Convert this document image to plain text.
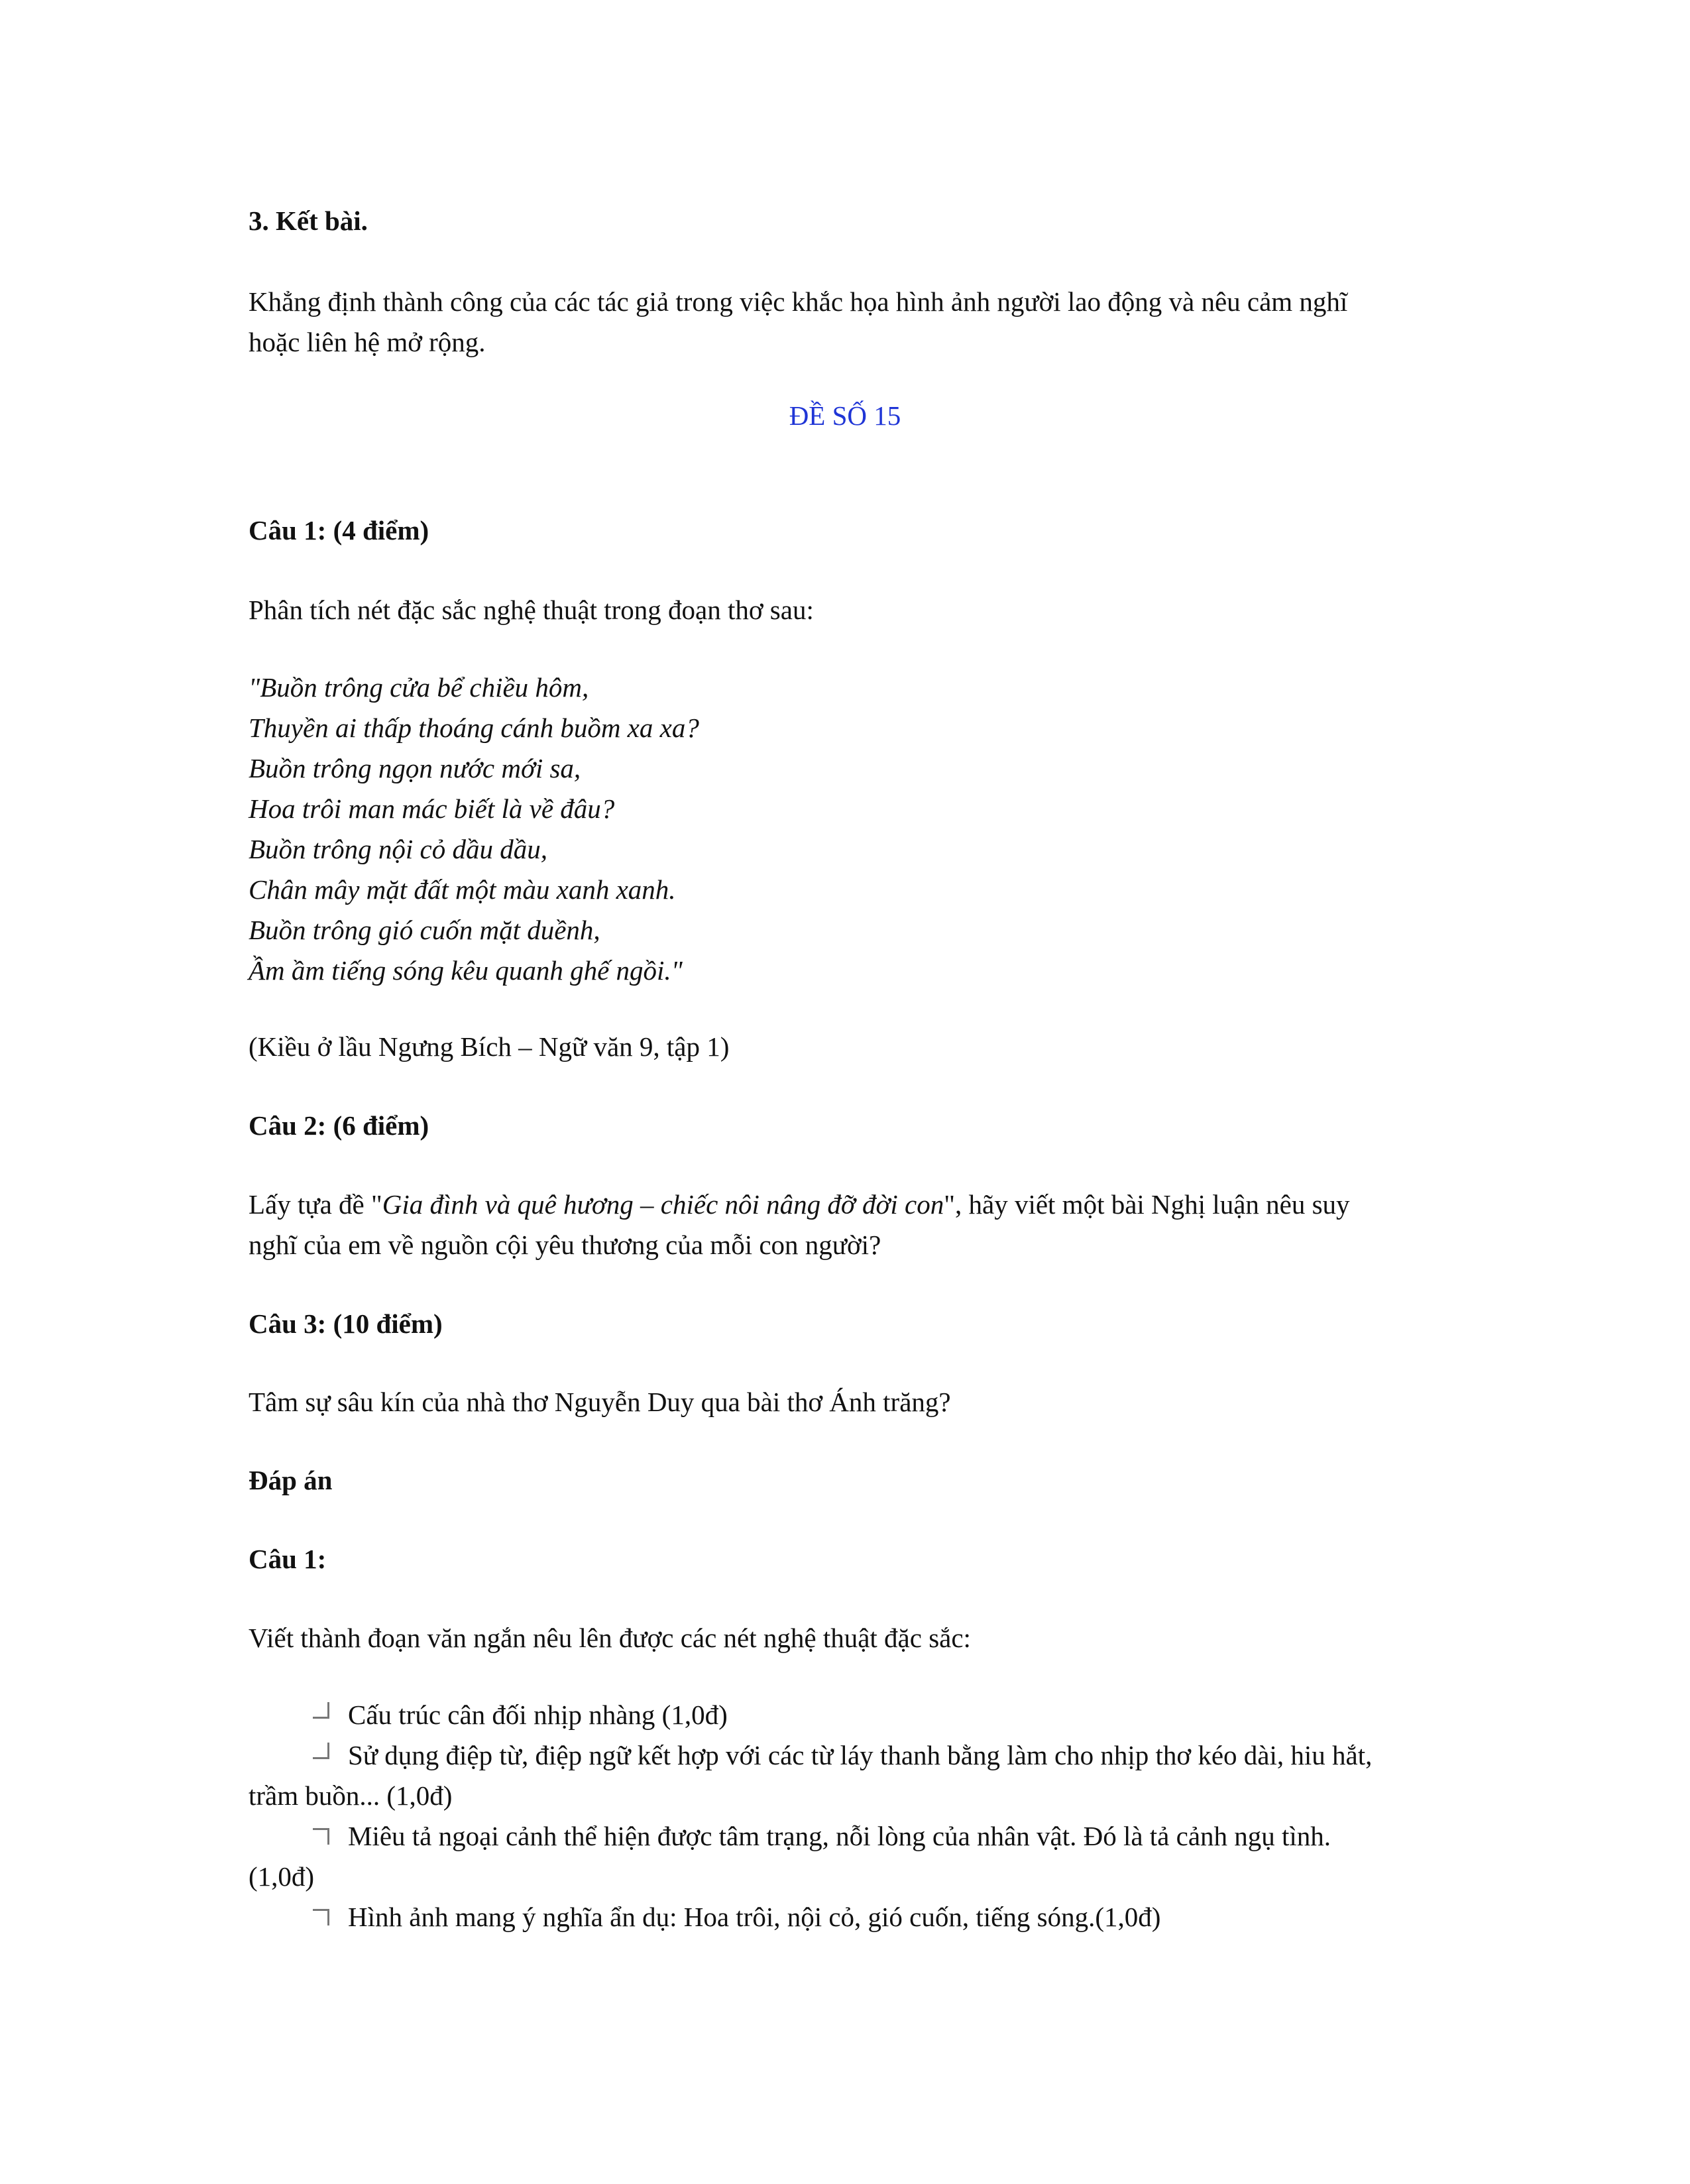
3. Kết bài.
Khẳng định thành công của các tác giả trong việc khắc họa hình ảnh người lao động và nêu cảm nghĩ
hoặc liên hệ mở rộng.
ĐỀ SỐ 15
Câu 1: (4 điểm)
Phân tích nét đặc sắc nghệ thuật trong đoạn thơ sau:
"Buồn trông cửa bể chiều hôm,
Thuyền ai thấp thoáng cánh buồm xa xa?
Buồn trông ngọn nước mới sa,
Hoa trôi man mác biết là về đâu?
Buồn trông nội cỏ dầu dầu,
Chân mây mặt đất một màu xanh xanh.
Buồn trông gió cuốn mặt duềnh,
Ầm ầm tiếng sóng kêu quanh ghế ngồi."
(Kiều ở lầu Ngưng Bích – Ngữ văn 9, tập 1)
Câu 2: (6 điểm)
Lấy tựa đề "Gia đình và quê hương – chiếc nôi nâng đỡ đời con", hãy viết một bài Nghị luận nêu suy
nghĩ của em về nguồn cội yêu thương của mỗi con người?
Câu 3: (10 điểm)
Tâm sự sâu kín của nhà thơ Nguyễn Duy qua bài thơ Ánh trăng?
Đáp án
Câu 1:
Viết thành đoạn văn ngắn nêu lên được các nét nghệ thuật đặc sắc:
Cấu trúc cân đối nhịp nhàng (1,0đ)
Sử dụng điệp từ, điệp ngữ kết hợp với các từ láy thanh bằng làm cho nhịp thơ kéo dài, hiu hắt,
trầm buồn... (1,0đ)
Miêu tả ngoại cảnh thể hiện được tâm trạng, nỗi lòng của nhân vật. Đó là tả cảnh ngụ tình.
(1,0đ)
Hình ảnh mang ý nghĩa ẩn dụ: Hoa trôi, nội cỏ, gió cuốn, tiếng sóng.(1,0đ)
